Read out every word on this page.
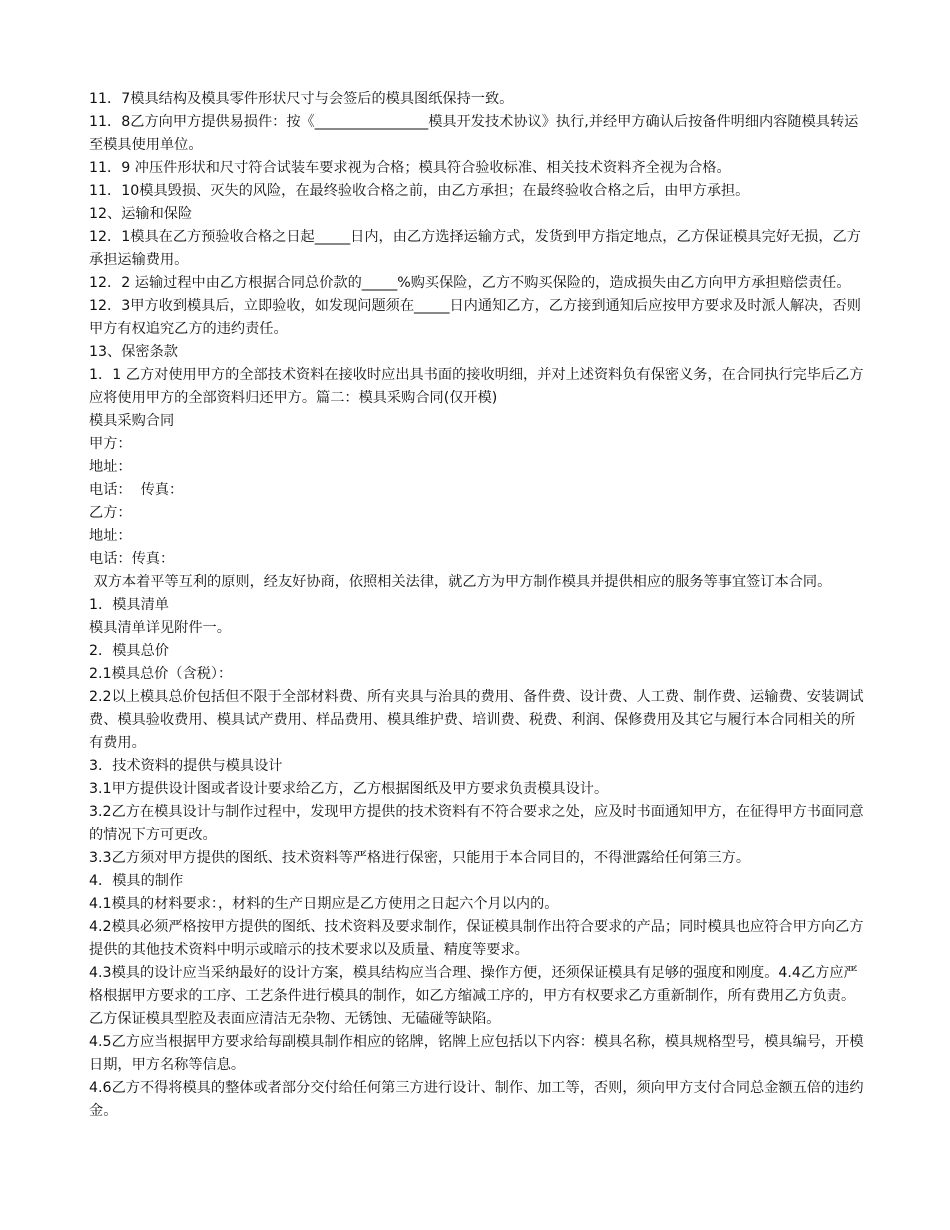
11．7模具结构及模具零件形状尺寸与会签后的模具图纸保持一致。

11．8乙方向甲方提供易损件：按《________________模具开发技术协议》执行,并经甲方确认后按备件明细内容随模具转运至模具使用单位。

11．9 冲压件形状和尺寸符合试装车要求视为合格；模具符合验收标准、相关技术资料齐全视为合格。

11．10模具毁损、灭失的风险，在最终验收合格之前，由乙方承担；在最终验收合格之后，由甲方承担。

12、运输和保险

12．1模具在乙方预验收合格之日起_____日内，由乙方选择运输方式，发货到甲方指定地点，乙方保证模具完好无损，乙方承担运输费用。

12．2 运输过程中由乙方根据合同总价款的_____%购买保险，乙方不购买保险的，造成损失由乙方向甲方承担赔偿责任。

12．3甲方收到模具后，立即验收，如发现问题须在_____日内通知乙方，乙方接到通知后应按甲方要求及时派人解决，否则甲方有权追究乙方的违约责任。

13、保密条款

1．1 乙方对使用甲方的全部技术资料在接收时应出具书面的接收明细，并对上述资料负有保密义务，在合同执行完毕后乙方应将使用甲方的全部资料归还甲方。篇二：模具采购合同(仅开模)

模具采购合同

甲方：

地址：

电话：  传真：

乙方：

地址：

电话：传真：

双方本着平等互利的原则，经友好协商，依照相关法律，就乙方为甲方制作模具并提供相应的服务等事宜签订本合同。

1．模具清单

模具清单详见附件一。

2．模具总价

2.1模具总价（含税）：

2.2以上模具总价包括但不限于全部材料费、所有夹具与治具的费用、备件费、设计费、人工费、制作费、运输费、安装调试费、模具验收费用、模具试产费用、样品费用、模具维护费、培训费、税费、利润、保修费用及其它与履行本合同相关的所有费用。

3．技术资料的提供与模具设计

3.1甲方提供设计图或者设计要求给乙方，乙方根据图纸及甲方要求负责模具设计。

3.2乙方在模具设计与制作过程中，发现甲方提供的技术资料有不符合要求之处，应及时书面通知甲方，在征得甲方书面同意的情况下方可更改。

3.3乙方须对甲方提供的图纸、技术资料等严格进行保密，只能用于本合同目的，不得泄露给任何第三方。

4．模具的制作

4.1模具的材料要求：，材料的生产日期应是乙方使用之日起六个月以内的。

4.2模具必须严格按甲方提供的图纸、技术资料及要求制作，保证模具制作出符合要求的产品；同时模具也应符合甲方向乙方提供的其他技术资料中明示或暗示的技术要求以及质量、精度等要求。

4.3模具的设计应当采纳最好的设计方案，模具结构应当合理、操作方便，还须保证模具有足够的强度和刚度。4.4乙方应严格根据甲方要求的工序、工艺条件进行模具的制作，如乙方缩减工序的，甲方有权要求乙方重新制作，所有费用乙方负责。乙方保证模具型腔及表面应清洁无杂物、无锈蚀、无磕碰等缺陷。

4.5乙方应当根据甲方要求给每副模具制作相应的铭牌，铭牌上应包括以下内容：模具名称，模具规格型号，模具编号，开模日期，甲方名称等信息。

4.6乙方不得将模具的整体或者部分交付给任何第三方进行设计、制作、加工等，否则，须向甲方支付合同总金额五倍的违约金。
